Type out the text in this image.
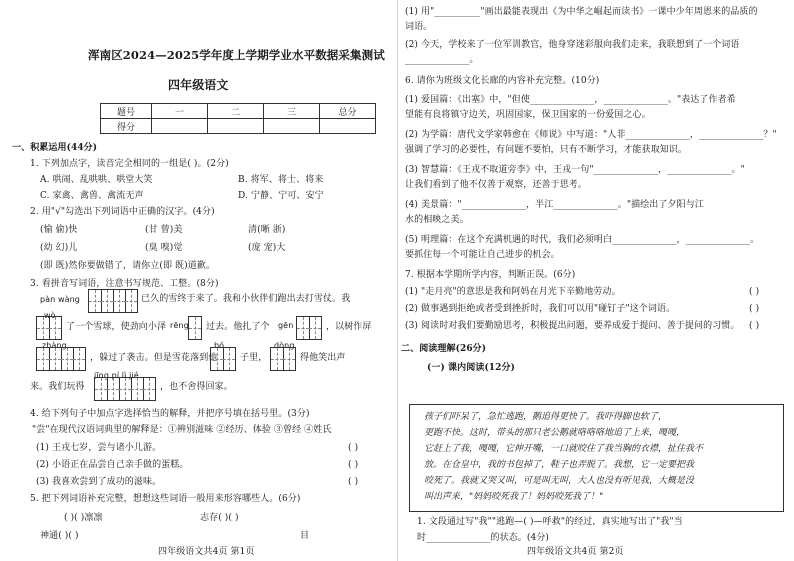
浑南区2024—2025学年度上学期学业水平数据采集测试
四年级语文
题号	一	二	三	总分
得分				
一、积累运用(44分)
1. 下列加点字，读音完全相同的一组是( )。(2分)
A. 哄闹、乱哄哄、哄堂大笑	B. 将军、将士、将来
C. 家禽、禽兽、禽流无声	D. 宁静、宁可、安宁
2. 用"√"勾选出下列词语中正确的汉字。(4分)
(愉 偷)快	(甘 曾)美	清(晰 浙)
(幼 幻)儿	(臭 嗅)觉	(庞 宠)大
(即 既)然你要做错了，请你立(即 既)道歉。
3. 看拼音写词语，注意书写规范、工整。(8分)
pàn wàng	已久的雪终于来了。我和小伙伴们跑出去打雪仗。我
wò
了一个雪球，使劲向小泽 rēng 过去。他扎了个 gēn	，以树作屏
zhàng
，躲过了袭击。但是雪花落到他
bó
子里，
dòng
得他笑出声
来。我们玩得
jīng pí lì jié
，也不舍得回家。
4. 给下列句子中加点字选择恰当的解释，并把序号填在括号里。(3分)
"尝"在现代汉语词典里的解释是：①辨别滋味 ②经历、体验 ③曾经 ④姓氏
(1) 王戎七岁，尝与诸小儿游。	( )
(2) 小语正在品尝自己亲手做的蛋糕。	( )
(3) 我喜欢尝到了成功的滋味。	( )
5. 把下列词语补充完整，想想这些词语一般用来形容哪些人。(6分)
( )( )凛凛	志存( )( )
神通( )( )	目
四年级语文共4页 第1页
(1) 用"__________"画出最能表现出《为中华之崛起而读书》一课中少年周恩来的品质的
词语。
(2) 今天，学校来了一位军训教官，他身穿迷彩服向我们走来，我联想到了一个词语
______________。
6. 请你为班级文化长廊的内容补充完整。(10分)
(1) 爱国篇：《出塞》中，"但使______________，______________。"表达了作者希
望能有良将镇守边关，巩固国家，保卫国家的一份爱国之心。
(2) 为学篇：唐代文学家韩愈在《师说》中写道："人非______________，______________？"
强调了学习的必要性，有问题不要怕，只有不断学习，才能获取知识。
(3) 智慧篇：《王戎不取道旁李》中，王戎一句"______________，______________。"
让我们看到了他不仅善于观察，还善于思考。
(4) 美景篇："______________，半江______________。"描绘出了夕阳与江
水的相映之美。
(5) 明理篇：在这个充满机遇的时代，我们必须明白______________，______________。
要抓住每一个可能让自己进步的机会。
7. 根据本学期所学内容，判断正误。(6分)
(1) "走月亮"的意思是我和阿妈在月光下辛勤地劳动。	( )
(2) 做事遇到拒绝或者受到挫折时，我们可以用"碰钉子"这个词语。	( )
(3) 阅读时对我们要勤励思考，积极提出问题，要养成爱于提问、善于提问的习惯。 ( )
二、阅读理解(26分)
(一) 课内阅读(12分)
孩子们吓呆了，急忙逃跑，鹅追得更快了。我吓得脚也软了，
更跑不快。这时，带头的那只老公鹅就咯咯咯地追了上来，嘎嘎，
它赶上了我，嘎嘎，它伸开嘴，一口就咬住了我当胸的衣襟，扯住我不
放。在仓皇中，我的书包掉了，鞋子也弄脱了。我想，它一定要把我
咬死了。我就又哭又叫，可是叫无叫，大人也没有听见我，大概是没
叫出声来，"妈妈咬死我了！妈妈咬死我了！"
1. 文段通过写"我""逃跑—( )—呼救"的经过，真实地写出了"我"当
时______________的状态。(4分)
四年级语文共4页 第2页
